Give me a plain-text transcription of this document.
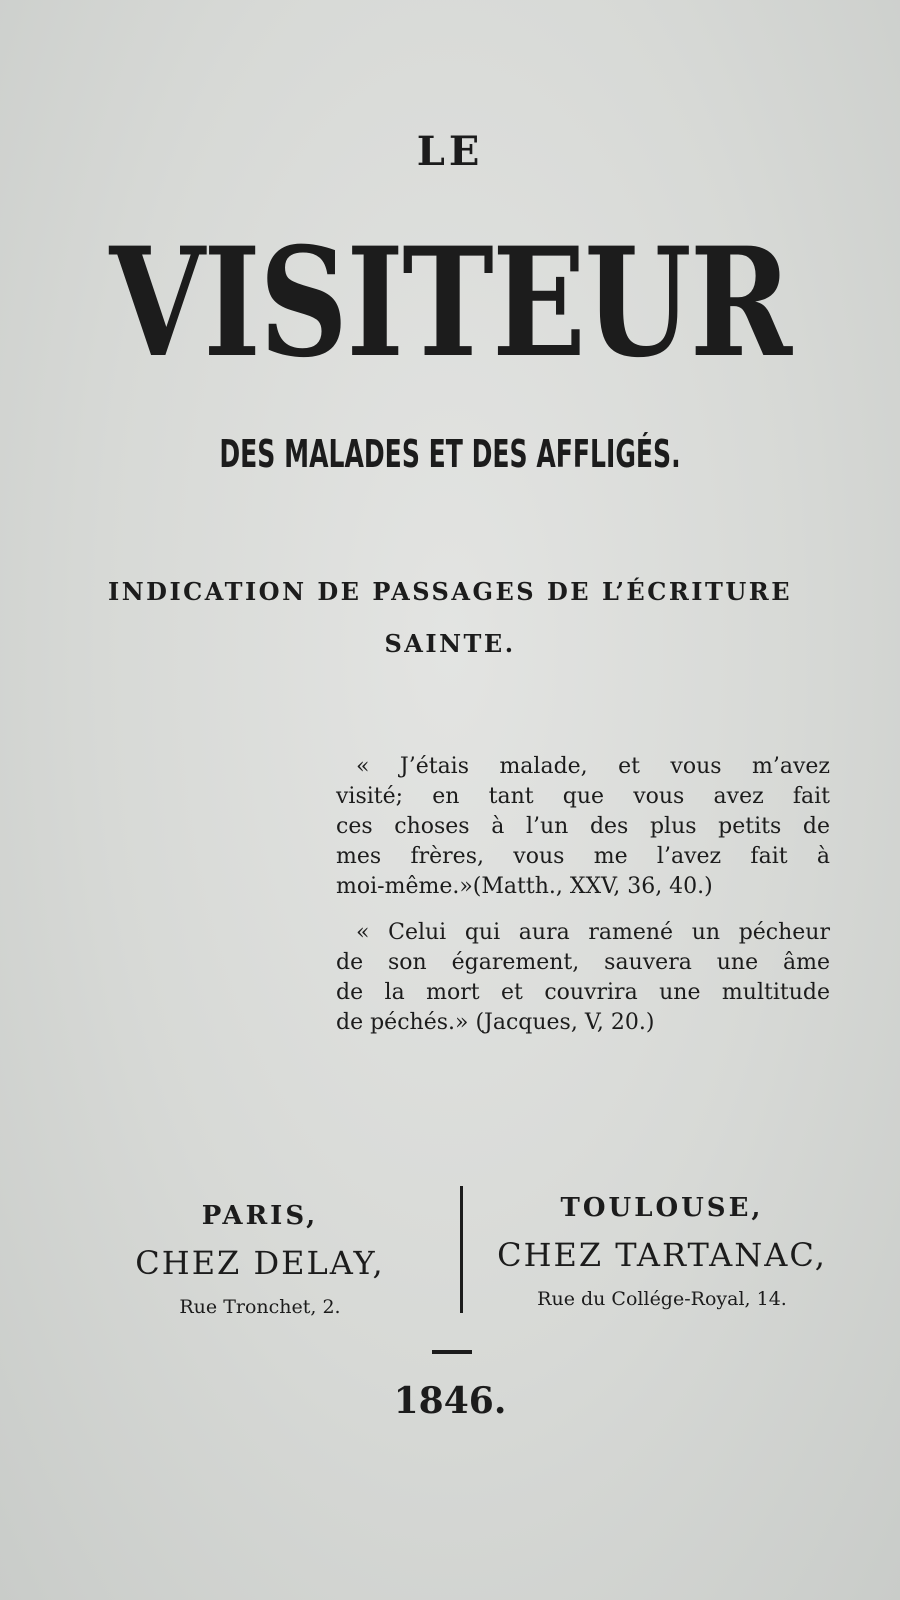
LE
VISITEUR
DES MALADES ET DES AFFLIGÉS.
INDICATION DE PASSAGES DE L’ÉCRITURE
SAINTE.
« J’étais malade, et vous m’avez
visité; en tant que vous avez fait
ces choses à l’un des plus petits de
mes frères, vous me l’avez fait à
moi-même.»(Matth., XXV, 36, 40.)
« Celui qui aura ramené un pécheur
de son égarement, sauvera une âme
de la mort et couvrira une multitude
de péchés.» (Jacques, V, 20.)
PARIS,
CHEZ DELAY,
Rue Tronchet, 2.
TOULOUSE,
CHEZ TARTANAC,
Rue du Collége-Royal, 14.
1846.
